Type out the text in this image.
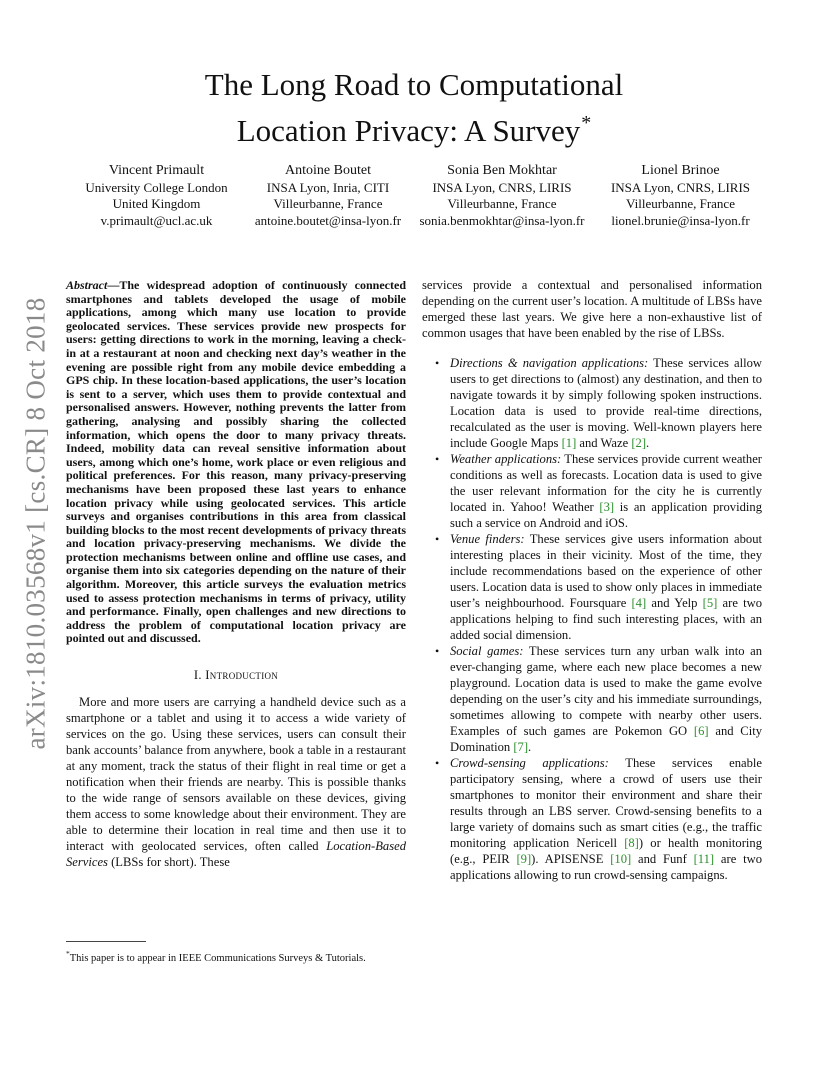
arXiv:1810.03568v1 [cs.CR] 8 Oct 2018
The Long Road to Computational
Location Privacy: A Survey*
Vincent Primault
University College London
United Kingdom
v.primault@ucl.ac.uk
Antoine Boutet
INSA Lyon, Inria, CITI
Villeurbanne, France
antoine.boutet@insa-lyon.fr
Sonia Ben Mokhtar
INSA Lyon, CNRS, LIRIS
Villeurbanne, France
sonia.benmokhtar@insa-lyon.fr
Lionel Brinoe
INSA Lyon, CNRS, LIRIS
Villeurbanne, France
lionel.brunie@insa-lyon.fr

Abstract—The widespread adoption of continuously connected smartphones and tablets developed the usage of mobile applications, among which many use location to provide geolocated services. These services provide new prospects for users: getting directions to work in the morning, leaving a check-in at a restaurant at noon and checking next day’s weather in the evening are possible right from any mobile device embedding a GPS chip. In these location-based applications, the user’s location is sent to a server, which uses them to provide contextual and personalised answers. However, nothing prevents the latter from gathering, analysing and possibly sharing the collected information, which opens the door to many privacy threats. Indeed, mobility data can reveal sensitive information about users, among which one’s home, work place or even religious and political preferences. For this reason, many privacy-preserving mechanisms have been proposed these last years to enhance location privacy while using geolocated services. This article surveys and organises contributions in this area from classical building blocks to the most recent developments of privacy threats and location privacy-preserving mechanisms. We divide the protection mechanisms between online and offline use cases, and organise them into six categories depending on the nature of their algorithm. Moreover, this article surveys the evaluation metrics used to assess protection mechanisms in terms of privacy, utility and performance. Finally, open challenges and new directions to address the problem of computational location privacy are pointed out and discussed.

I. Introduction

More and more users are carrying a handheld device such as a smartphone or a tablet and using it to access a wide variety of services on the go. Using these services, users can consult their bank accounts’ balance from anywhere, book a table in a restaurant at any moment, track the status of their flight in real time or get a notification when their friends are nearby. This is possible thanks to the wide range of sensors available on these devices, giving them access to some knowledge about their environment. They are able to determine their location in real time and then use it to interact with geolocated services, often called Location-Based Services (LBSs for short). These

*This paper is to appear in IEEE Communications Surveys & Tutorials.

services provide a contextual and personalised information depending on the current user’s location. A multitude of LBSs have emerged these last years. We give here a non-exhaustive list of common usages that have been enabled by the rise of LBSs.

• Directions & navigation applications: These services allow users to get directions to (almost) any destination, and then to navigate towards it by simply following spoken instructions. Location data is used to provide real-time directions, recalculated as the user is moving. Well-known players here include Google Maps [1] and Waze [2].
• Weather applications: These services provide current weather conditions as well as forecasts. Location data is used to give the user relevant information for the city he is currently located in. Yahoo! Weather [3] is an application providing such a service on Android and iOS.
• Venue finders: These services give users information about interesting places in their vicinity. Most of the time, they include recommendations based on the experience of other users. Location data is used to show only places in immediate user’s neighbourhood. Foursquare [4] and Yelp [5] are two applications helping to find such interesting places, with an added social dimension.
• Social games: These services turn any urban walk into an ever-changing game, where each new place becomes a new playground. Location data is used to make the game evolve depending on the user’s city and his immediate surroundings, sometimes allowing to compete with nearby other users. Examples of such games are Pokemon GO [6] and City Domination [7].
• Crowd-sensing applications: These services enable participatory sensing, where a crowd of users use their smartphones to monitor their environment and share their results through an LBS server. Crowd-sensing benefits to a large variety of domains such as smart cities (e.g., the traffic monitoring application Nericell [8]) or health monitoring (e.g., PEIR [9]). APISENSE [10] and Funf [11] are two applications allowing to run crowd-sensing campaigns.
